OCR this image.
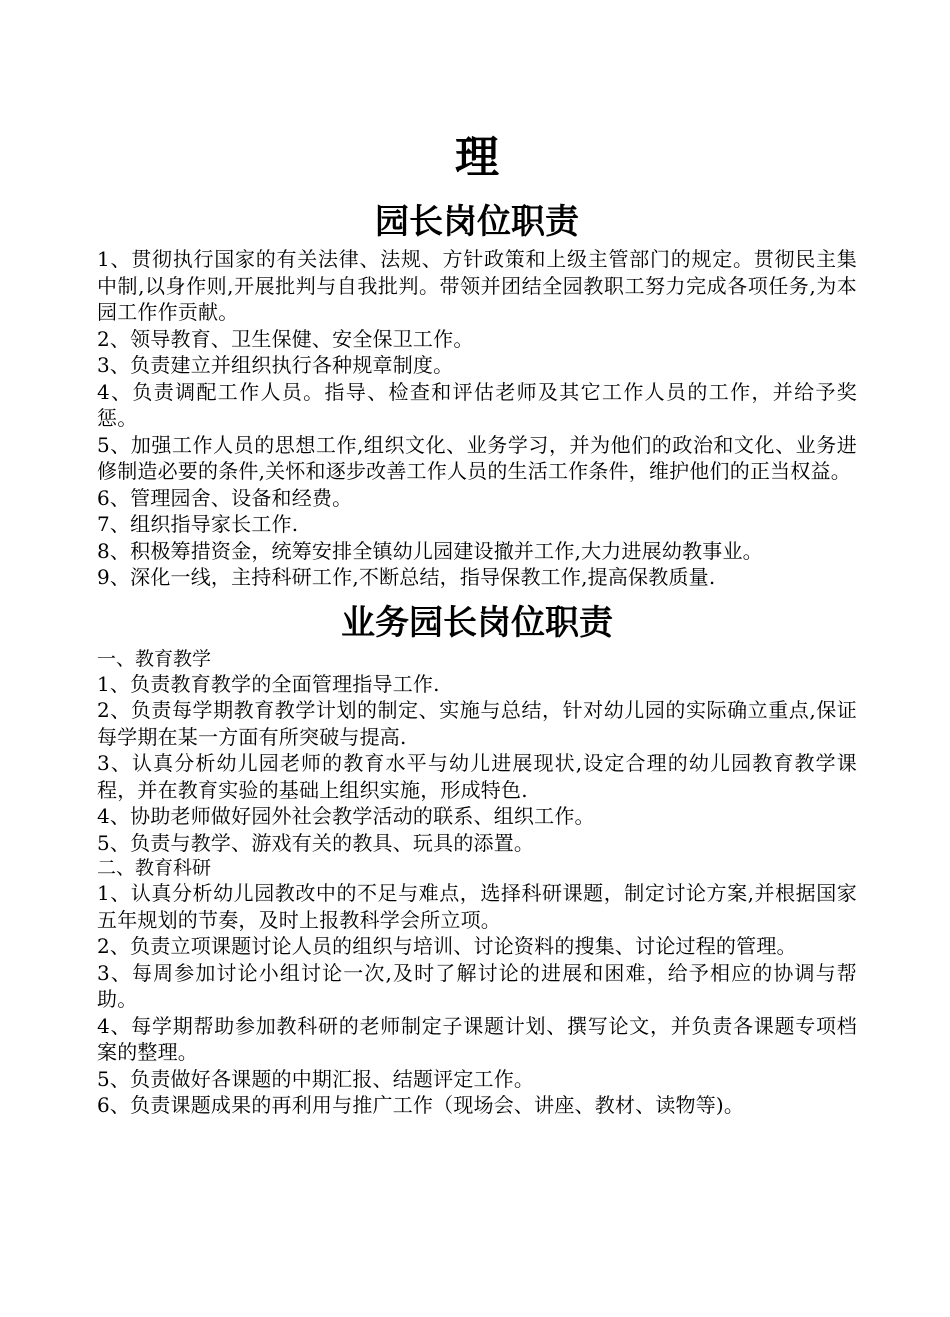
理
园长岗位职责

1、贯彻执行国家的有关法律、法规、方针政策和上级主管部门的规定。贯彻民主集中制,以身作则,开展批判与自我批判。带领并团结全园教职工努力完成各项任务,为本园工作作贡献。

2、领导教育、卫生保健、安全保卫工作。

3、负责建立并组织执行各种规章制度。

4、负责调配工作人员。指导、检查和评估老师及其它工作人员的工作，并给予奖惩。

5、加强工作人员的思想工作,组织文化、业务学习，并为他们的政治和文化、业务进修制造必要的条件,关怀和逐步改善工作人员的生活工作条件，维护他们的正当权益。

6、管理园舍、设备和经费。

7、组织指导家长工作.

8、积极筹措资金，统筹安排全镇幼儿园建设撤并工作,大力进展幼教事业。

9、深化一线，主持科研工作,不断总结，指导保教工作,提高保教质量.

业务园长岗位职责

一、教育教学

1、负责教育教学的全面管理指导工作.

2、负责每学期教育教学计划的制定、实施与总结，针对幼儿园的实际确立重点,保证每学期在某一方面有所突破与提高.

3、认真分析幼儿园老师的教育水平与幼儿进展现状,设定合理的幼儿园教育教学课程，并在教育实验的基础上组织实施，形成特色.

4、协助老师做好园外社会教学活动的联系、组织工作。

5、负责与教学、游戏有关的教具、玩具的添置。

二、教育科研

1、认真分析幼儿园教改中的不足与难点，选择科研课题，制定讨论方案,并根据国家五年规划的节奏，及时上报教科学会所立项。

2、负责立项课题讨论人员的组织与培训、讨论资料的搜集、讨论过程的管理。

3、每周参加讨论小组讨论一次,及时了解讨论的进展和困难，给予相应的协调与帮助。

4、每学期帮助参加教科研的老师制定子课题计划、撰写论文，并负责各课题专项档案的整理。

5、负责做好各课题的中期汇报、结题评定工作。

6、负责课题成果的再利用与推广工作（现场会、讲座、教材、读物等)。
